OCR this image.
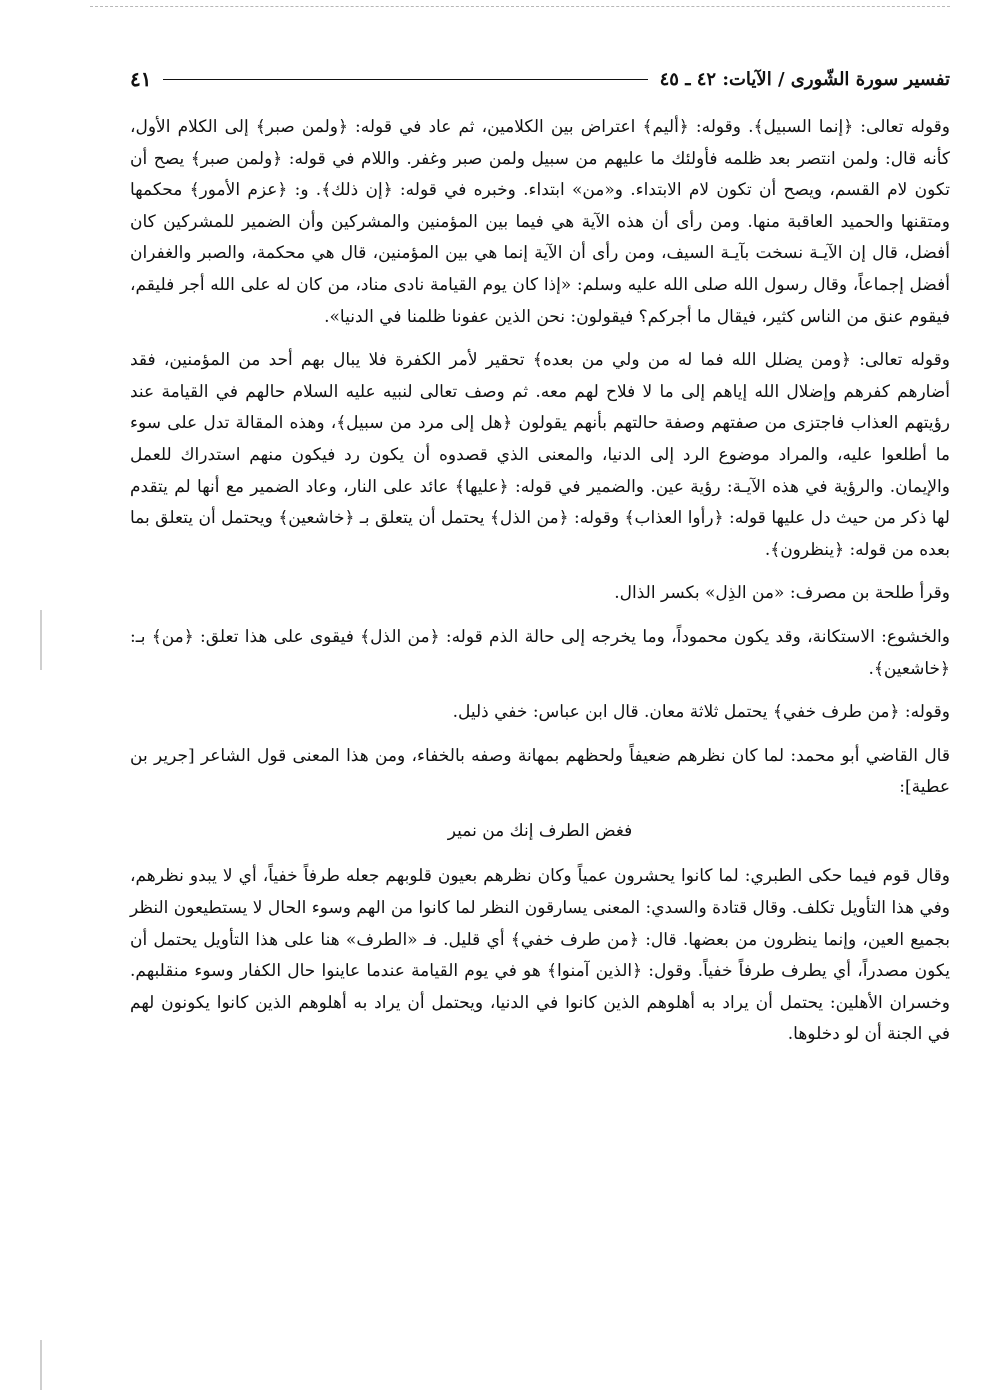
تفسير سورة الشّورى / الآيات: ٤٢ ـ ٤٥
٤١

وقوله تعالى: ﴿إنما السبيل﴾. وقوله: ﴿أليم﴾ اعتراض بين الكلامين، ثم عاد في قوله: ﴿ولمن صبر﴾ إلى الكلام الأول، كأنه قال: ولمن انتصر بعد ظلمه فأولئك ما عليهم من سبيل ولمن صبر وغفر. واللام في قوله: ﴿ولمن صبر﴾ يصح أن تكون لام القسم، ويصح أن تكون لام الابتداء. و«من» ابتداء. وخبره في قوله: ﴿إن ذلك﴾. و: ﴿عزم الأمور﴾ محكمها ومتقنها والحميد العاقبة منها. ومن رأى أن هذه الآية هي فيما بين المؤمنين والمشركين وأن الضمير للمشركين كان أفضل، قال إن الآيـة نسخت بآيـة السيف، ومن رأى أن الآية إنما هي بين المؤمنين، قال هي محكمة، والصبر والغفران أفضل إجماعاً، وقال رسول الله صلى الله عليه وسلم: «إذا كان يوم القيامة نادى مناد، من كان له على الله أجر فليقم، فيقوم عنق من الناس كثير، فيقال ما أجركم؟ فيقولون: نحن الذين عفونا ظلمنا في الدنيا».

وقوله تعالى: ﴿ومن يضلل الله فما له من ولي من بعده﴾ تحقير لأمر الكفرة فلا يبال بهم أحد من المؤمنين، فقد أضارهم كفرهم وإضلال الله إياهم إلى ما لا فلاح لهم معه. ثم وصف تعالى لنبيه عليه السلام حالهم في القيامة عند رؤيتهم العذاب فاجتزى من صفتهم وصفة حالتهم بأنهم يقولون ﴿هل إلى مرد من سبيل﴾، وهذه المقالة تدل على سوء ما أطلعوا عليه، والمراد موضوع الرد إلى الدنيا، والمعنى الذي قصدوه أن يكون رد فيكون منهم استدراك للعمل والإيمان. والرؤية في هذه الآيـة: رؤية عين. والضمير في قوله: ﴿عليها﴾ عائد على النار، وعاد الضمير مع أنها لم يتقدم لها ذكر من حيث دل عليها قوله: ﴿رأوا العذاب﴾ وقوله: ﴿من الذل﴾ يحتمل أن يتعلق بـ ﴿خاشعين﴾ ويحتمل أن يتعلق بما بعده من قوله: ﴿ينظرون﴾.

وقرأ طلحة بن مصرف: «من الذِل» بكسر الذال.

والخشوع: الاستكانة، وقد يكون محموداً، وما يخرجه إلى حالة الذم قوله: ﴿من الذل﴾ فيقوى على هذا تعلق: ﴿من﴾ بـ: ﴿خاشعين﴾.

وقوله: ﴿من طرف خفي﴾ يحتمل ثلاثة معان. قال ابن عباس: خفي ذليل.

قال القاضي أبو محمد: لما كان نظرهم ضعيفاً ولحظهم بمهانة وصفه بالخفاء، ومن هذا المعنى قول الشاعر [جرير بن عطية]:

فغض الطرف إنك من نمير

وقال قوم فيما حكى الطبري: لما كانوا يحشرون عمياً وكان نظرهم بعيون قلوبهم جعله طرفاً خفياً، أي لا يبدو نظرهم، وفي هذا التأويل تكلف. وقال قتادة والسدي: المعنى يسارقون النظر لما كانوا من الهم وسوء الحال لا يستطيعون النظر بجميع العين، وإنما ينظرون من بعضها. قال: ﴿من طرف خفي﴾ أي قليل. فـ «الطرف» هنا على هذا التأويل يحتمل أن يكون مصدراً، أي يطرف طرفاً خفياً. وقول: ﴿الذين آمنوا﴾ هو في يوم القيامة عندما عاينوا حال الكفار وسوء منقلبهم. وخسران الأهلين: يحتمل أن يراد به أهلوهم الذين كانوا في الدنيا، ويحتمل أن يراد به أهلوهم الذين كانوا يكونون لهم في الجنة أن لو دخلوها.
